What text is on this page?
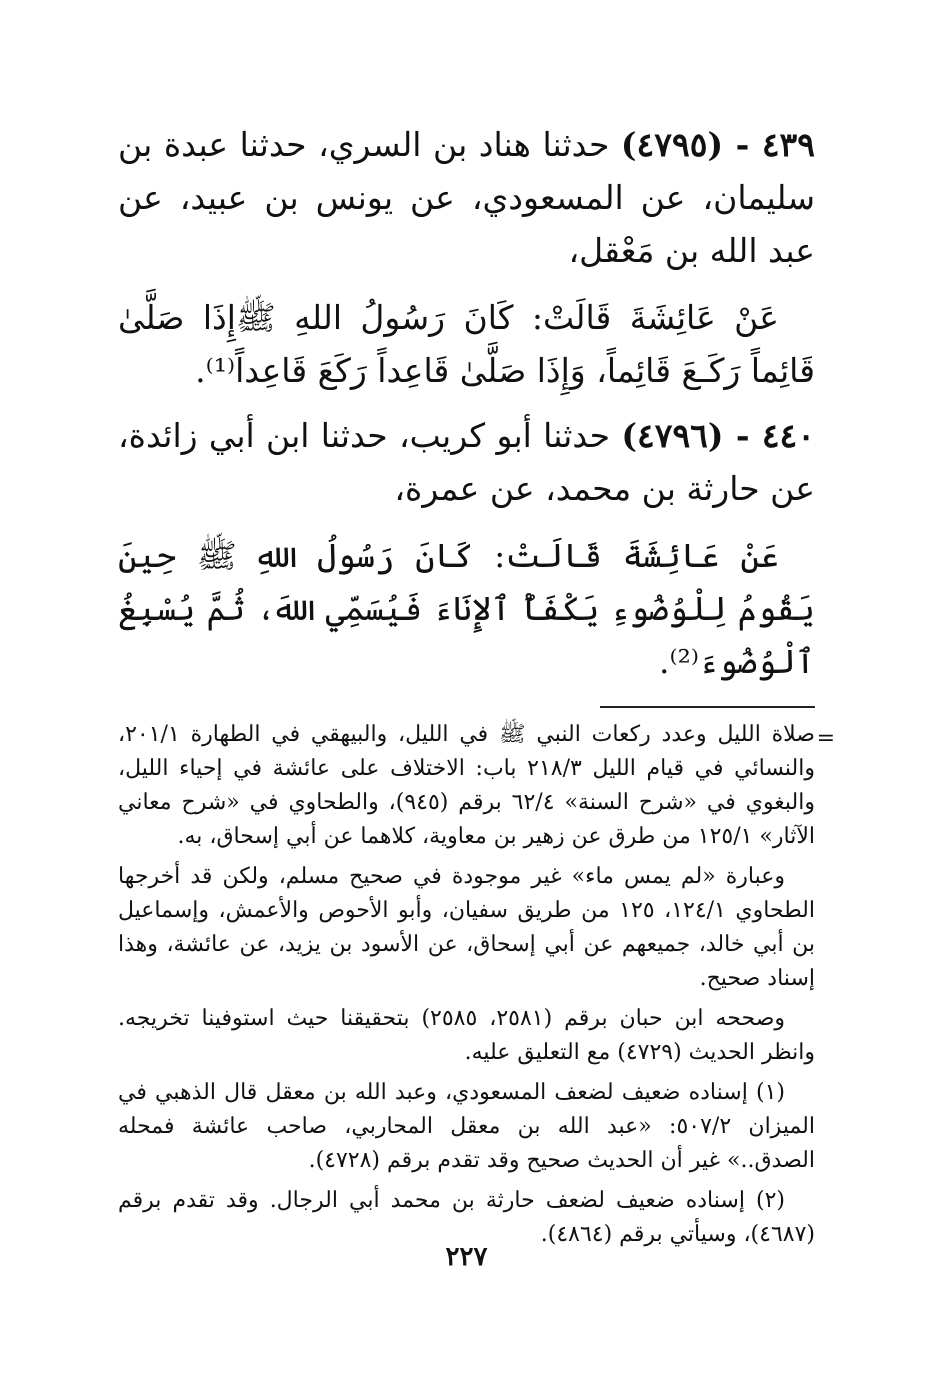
٤٣٩ - (٤٧٩٥) حدثنا هناد بن السري، حدثنا عبدة بن سليمان، عن المسعودي، عن يونس بن عبيد، عن عبد الله بن مَعْقل،

عَنْ عَائِشَةَ قَالَتْ: كَانَ رَسُولُ اللهِ ﷺإِذَا صَلَّىٰ قَائِماً رَكَـعَ قَائِماً، وَإِذَا صَلَّىٰ قَاعِداً رَكَعَ قَاعِداً⁽¹⁾.

٤٤٠ - (٤٧٩٦) حدثنا أبو كريب، حدثنا ابن أبي زائدة، عن حارثة بن محمد، عن عمرة،

عَنْ عَائِشَةَ قَالَتْ: كَانَ رَسُولُ اللهِ ﷺ حِينَ يَقُومُ لِلْوُضُوءِ يَكْفَأُ ٱلإِنَاءَ فَيُسَمِّي اللهَ، ثُمَّ يُسْبِغُ ٱلْوُضُوءَ⁽²⁾.

=
صلاة الليل وعدد ركعات النبي ﷺ في الليل، والبيهقي في الطهارة ٢٠١/١، والنسائي في قيام الليل ٢١٨/٣ باب: الاختلاف على عائشة في إحياء الليل، والبغوي في «شرح السنة» ٦٢/٤ برقم (٩٤٥)، والطحاوي في «شرح معاني الآثار» ١٢٥/١ من طرق عن زهير بن معاوية، كلاهما عن أبي إسحاق، به.

وعبارة «لم يمس ماء» غير موجودة في صحيح مسلم، ولكن قد أخرجها الطحاوي ١٢٤/١، ١٢٥ من طريق سفيان، وأبو الأحوص والأعمش، وإسماعيل بن أبي خالد، جميعهم عن أبي إسحاق، عن الأسود بن يزيد، عن عائشة، وهذا إسناد صحيح.

وصححه ابن حبان برقم (٢٥٨١، ٢٥٨٥) بتحقيقنا حيث استوفينا تخريجه. وانظر الحديث (٤٧٢٩) مع التعليق عليه.

(١) إسناده ضعيف لضعف المسعودي، وعبد الله بن معقل قال الذهبي في الميزان ٥٠٧/٢: «عبد الله بن معقل المحاربي، صاحب عائشة فمحله الصدق..» غير أن الحديث صحيح وقد تقدم برقم (٤٧٢٨).

(٢) إسناده ضعيف لضعف حارثة بن محمد أبي الرجال. وقد تقدم برقم (٤٦٨٧)، وسيأتي برقم (٤٨٦٤).

٢٢٧
